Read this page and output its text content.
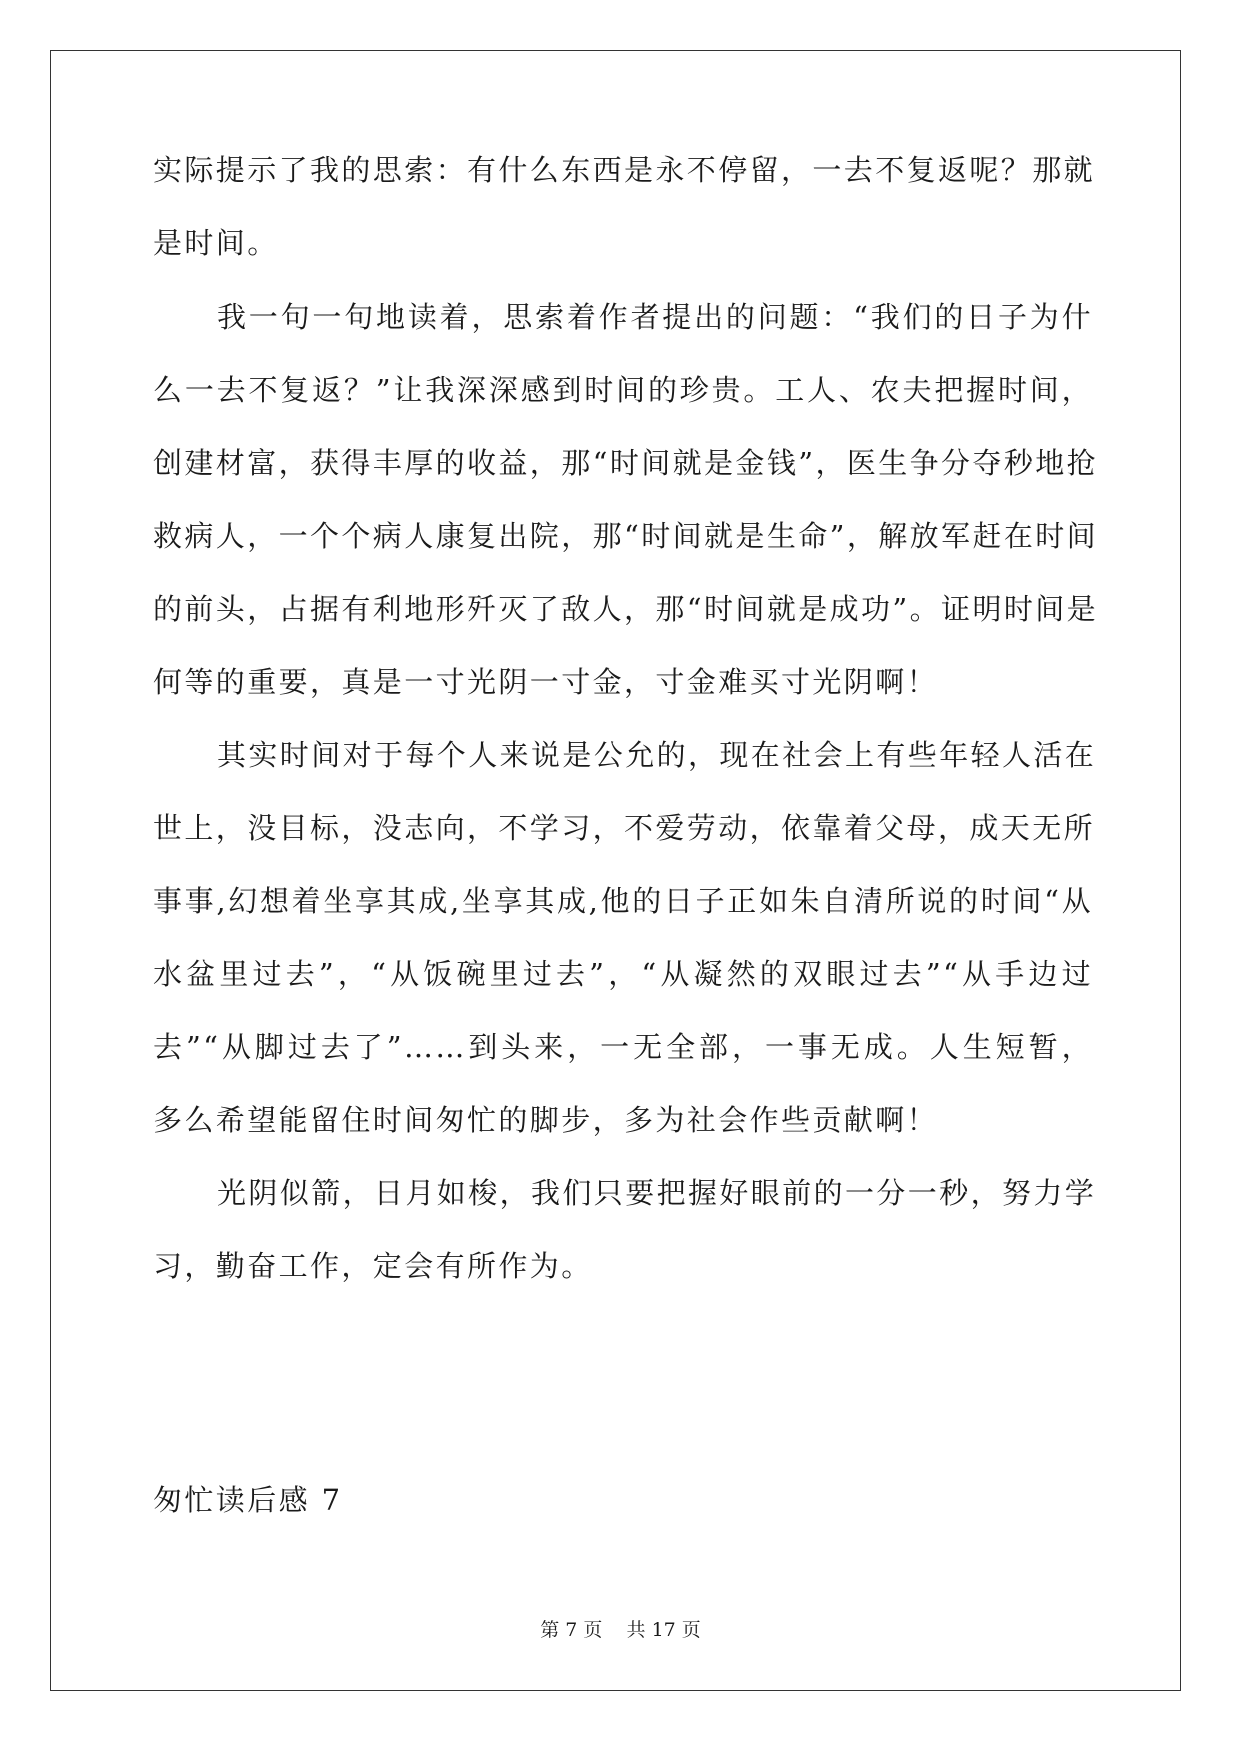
实际提示了我的思索：有什么东西是永不停留，一去不复返呢？那就
是时间。
我一句一句地读着，思索着作者提出的问题：“我们的日子为什
么一去不复返？”让我深深感到时间的珍贵。工人、农夫把握时间，
创建材富，获得丰厚的收益，那“时间就是金钱”，医生争分夺秒地抢
救病人，一个个病人康复出院，那“时间就是生命”，解放军赶在时间
的前头，占据有利地形歼灭了敌人，那“时间就是成功”。证明时间是
何等的重要，真是一寸光阴一寸金，寸金难买寸光阴啊！
其实时间对于每个人来说是公允的，现在社会上有些年轻人活在
世上，没目标，没志向，不学习，不爱劳动，依靠着父母，成天无所
事事,幻想着坐享其成,坐享其成,他的日子正如朱自清所说的时间“从
水盆里过去”，“从饭碗里过去”，“从凝然的双眼过去”“从手边过
去”“从脚过去了”……到头来，一无全部，一事无成。人生短暂，
多么希望能留住时间匆忙的脚步，多为社会作些贡献啊！
光阴似箭，日月如梭，我们只要把握好眼前的一分一秒，努力学
习，勤奋工作，定会有所作为。
匆忙读后感 7
第 7 页    共 17 页
